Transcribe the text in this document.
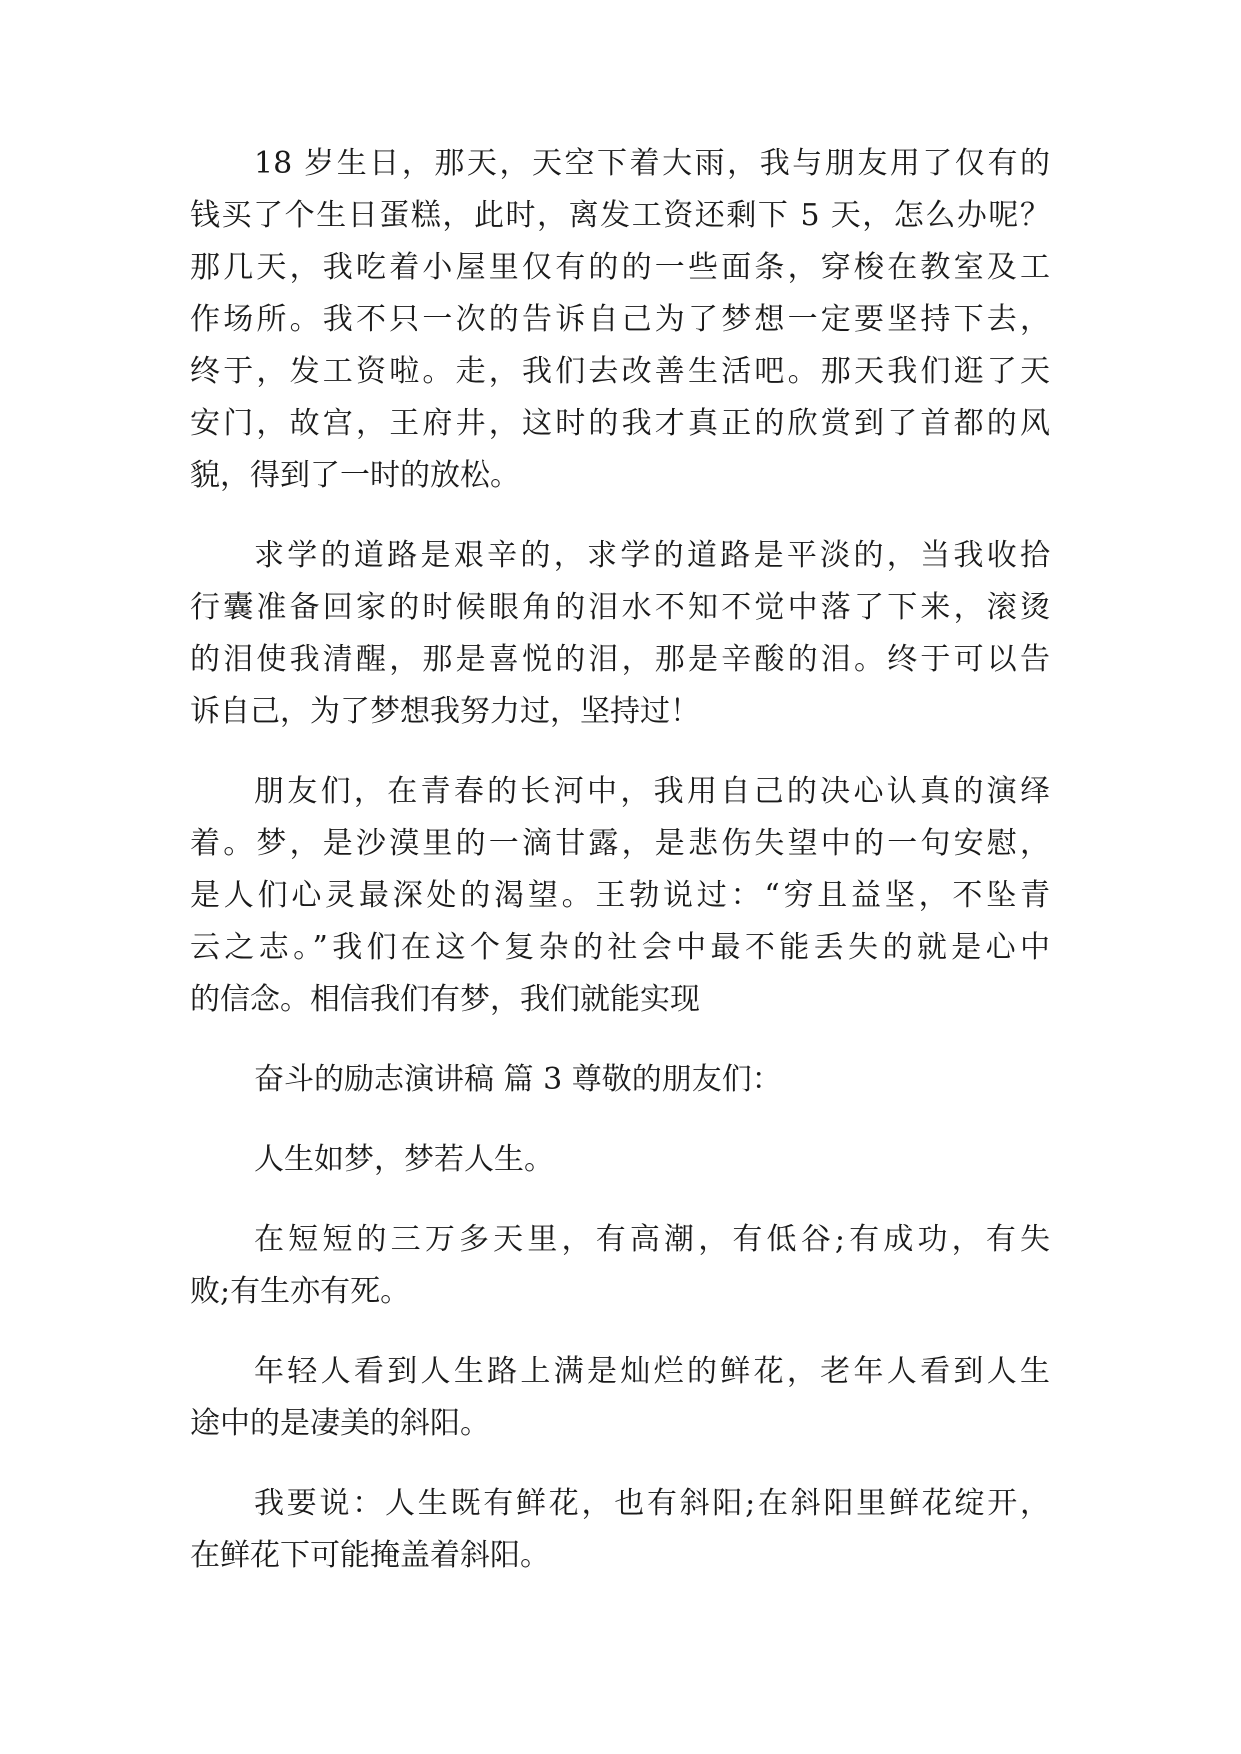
18 岁生日，那天，天空下着大雨，我与朋友用了仅有的
钱买了个生日蛋糕，此时，离发工资还剩下 5 天，怎么办呢？
那几天，我吃着小屋里仅有的的一些面条，穿梭在教室及工
作场所。我不只一次的告诉自己为了梦想一定要坚持下去，
终于，发工资啦。走，我们去改善生活吧。那天我们逛了天
安门，故宫，王府井，这时的我才真正的欣赏到了首都的风
貌，得到了一时的放松。
求学的道路是艰辛的，求学的道路是平淡的，当我收拾
行囊准备回家的时候眼角的泪水不知不觉中落了下来，滚烫
的泪使我清醒，那是喜悦的泪，那是辛酸的泪。终于可以告
诉自己，为了梦想我努力过，坚持过！
朋友们，在青春的长河中，我用自己的决心认真的演绎
着。梦，是沙漠里的一滴甘露，是悲伤失望中的一句安慰，
是人们心灵最深处的渴望。王勃说过：“穷且益坚，不坠青
云之志。”我们在这个复杂的社会中最不能丢失的就是心中
的信念。相信我们有梦，我们就能实现
奋斗的励志演讲稿 篇 3 尊敬的朋友们：
人生如梦，梦若人生。
在短短的三万多天里，有高潮，有低谷;有成功，有失
败;有生亦有死。
年轻人看到人生路上满是灿烂的鲜花，老年人看到人生
途中的是凄美的斜阳。
我要说：人生既有鲜花，也有斜阳;在斜阳里鲜花绽开，
在鲜花下可能掩盖着斜阳。
